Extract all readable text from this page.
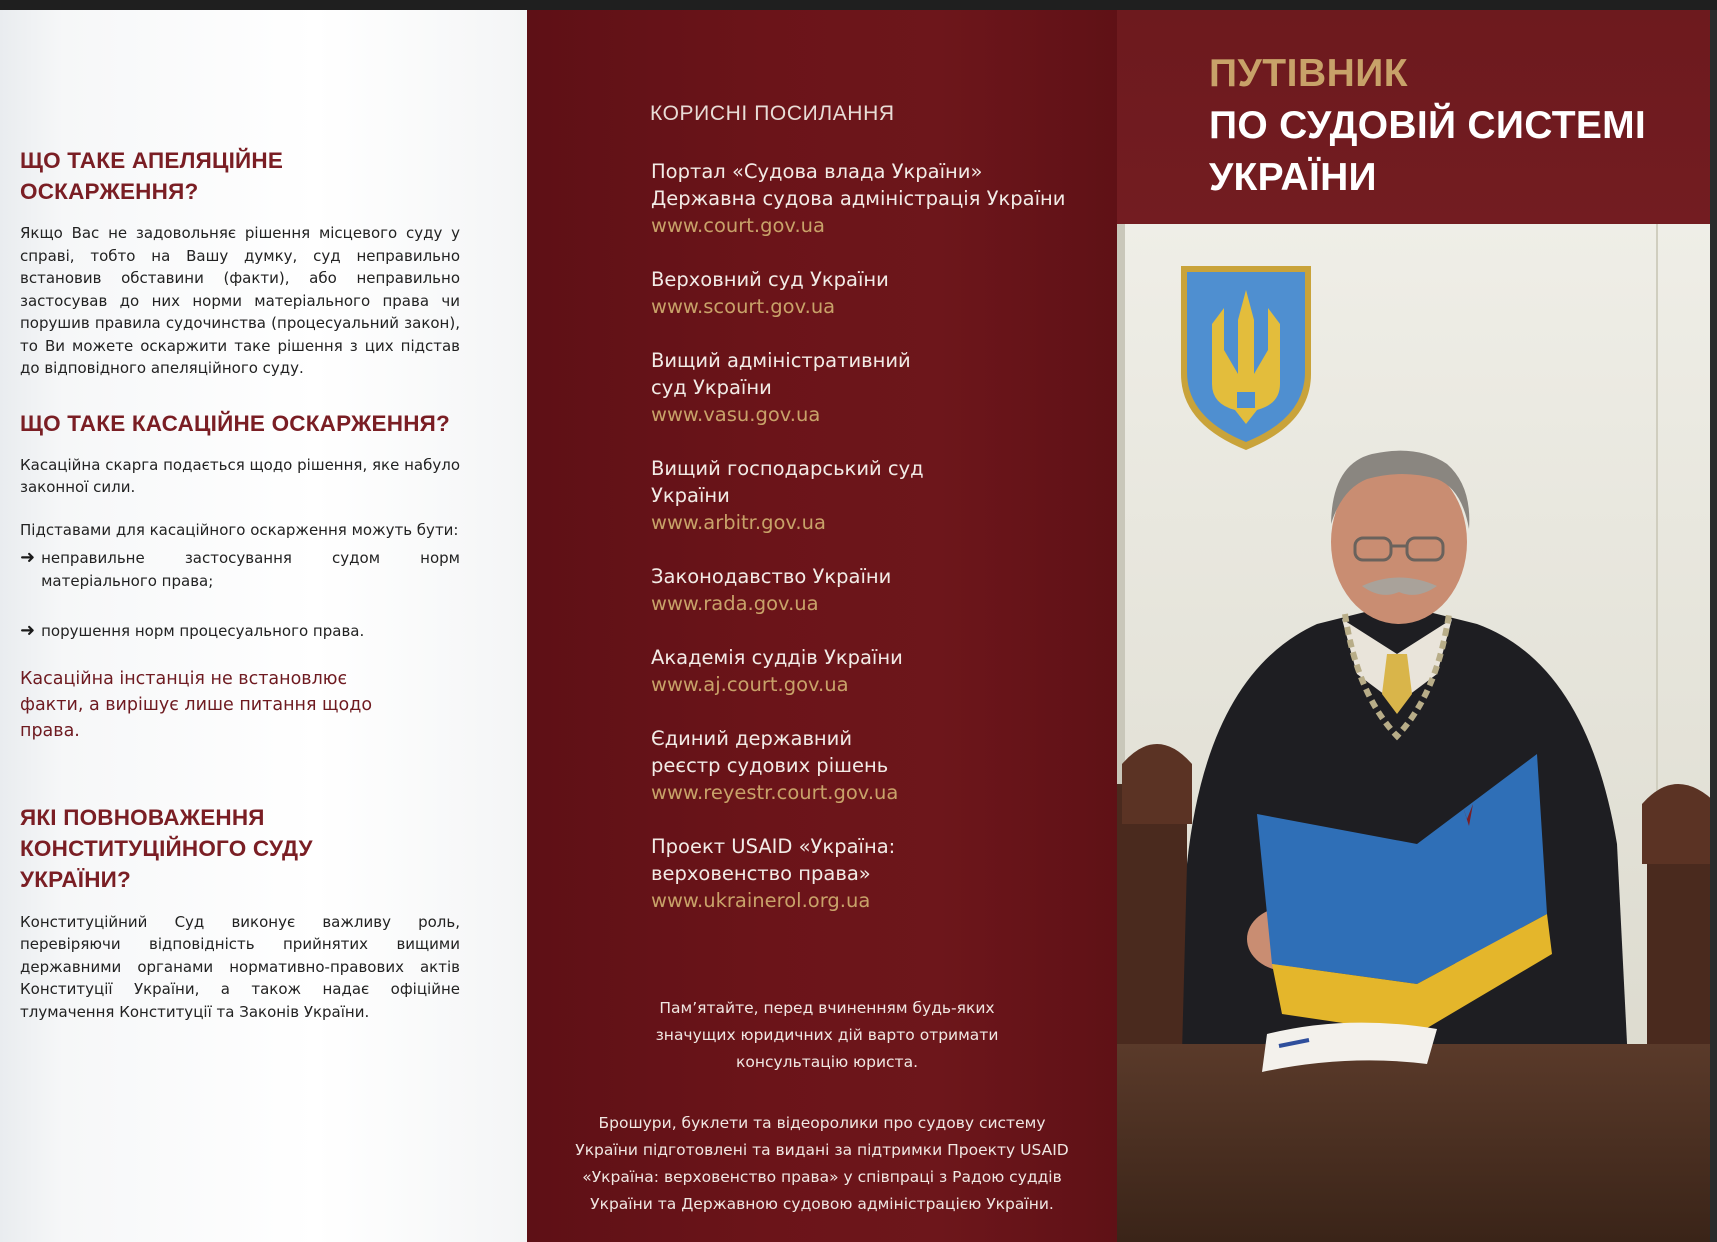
ЩО ТАКЕ АПЕЛЯЦІЙНЕ ОСКАРЖЕННЯ?

Якщо Вас не задовольняє рішення місцевого суду у справі, тобто на Вашу думку, суд неправильно встановив обставини (факти), або неправильно застосував до них норми матеріального права чи порушив правила судочинства (процесуальний закон), то Ви можете оскаржити таке рішення з цих підстав до відповідного апеляційного суду.

ЩО ТАКЕ КАСАЦІЙНЕ ОСКАРЖЕННЯ?

Касаційна скарга подається щодо рішення, яке набуло законної сили.

Підставами для касаційного оскарження можуть бути:

➜ неправильне застосування судом норм матеріального права;

➜ порушення норм процесуального права.

Касаційна інстанція не встановлює факти, а вирішує лише питання щодо права.

ЯКІ ПОВНОВАЖЕННЯ КОНСТИТУЦІЙНОГО СУДУ УКРАЇНИ?

Конституційний Суд виконує важливу роль, перевіряючи відповідність прийнятих вищими державними органами нормативно-правових актів Конституції України, а також надає офіційне тлумачення Конституції та Законів України.

КОРИСНІ ПОСИЛАННЯ
Портал «Судова влада України» Державна судова адміністрація України
www.court.gov.ua
Верховний суд України
www.scourt.gov.ua
Вищий адміністративний суд України
www.vasu.gov.ua
Вищий господарський суд України
www.arbitr.gov.ua
Законодавство України
www.rada.gov.ua
Академія суддів України
www.aj.court.gov.ua
Єдиний державний реєстр судових рішень
www.reyestr.court.gov.ua
Проект USAID «Україна: верховенство права»
www.ukrainerol.org.ua
Пам’ятайте, перед вчиненням будь-яких значущих юридичних дій варто отримати консультацію юриста.
Брошури, буклети та відеоролики про судову систему України підготовлені та видані за підтримки Проекту USAID «Україна: верховенство права» у співпраці з Радою суддів України та Державною судовою адміністрацією України.
ПУТІВНИК
ПО СУДОВІЙ СИСТЕМІ УКРАЇНИ
